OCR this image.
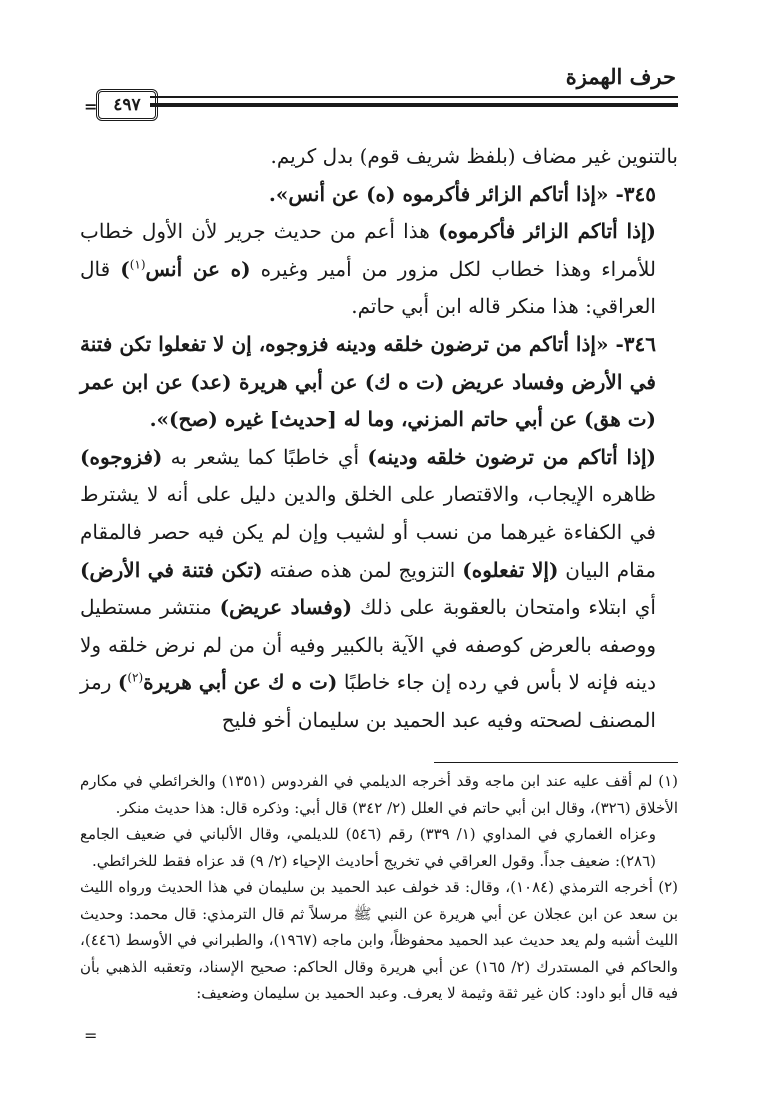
حرف الهمزة
= ٤٩٧

بالتنوين غير مضاف (بلفظ شريف قوم) بدل كريم.

٣٤٥- «إذا أتاكم الزائر فأكرموه (ه) عن أنس».

(إذا أتاكم الزائر فأكرموه) هذا أعم من حديث جرير لأن الأول خطاب للأمراء وهذا خطاب لكل مزور من أمير وغيره (ه عن أنس$^{(١)}$) قال العراقي: هذا منكر قاله ابن أبي حاتم.

٣٤٦- «إذا أتاكم من ترضون خلقه ودينه فزوجوه، إن لا تفعلوا تكن فتنة في الأرض وفساد عريض (ت ه ك) عن أبي هريرة (عد) عن ابن عمر (ت هق) عن أبي حاتم المزني، وما له [حديث] غيره (صح)».

(إذا أتاكم من ترضون خلقه ودينه) أي خاطبًا كما يشعر به (فزوجوه) ظاهره الإيجاب، والاقتصار على الخلق والدين دليل على أنه لا يشترط في الكفاءة غيرهما من نسب أو لشيب وإن لم يكن فيه حصر فالمقام مقام البيان (إلا تفعلوه) التزويج لمن هذه صفته (تكن فتنة في الأرض) أي ابتلاء وامتحان بالعقوبة على ذلك (وفساد عريض) منتشر مستطيل ووصفه بالعرض كوصفه في الآية بالكبير وفيه أن من لم نرض خلقه ولا دينه فإنه لا بأس في رده إن جاء خاطبًا (ت ه ك عن أبي هريرة$^{(٢)}$) رمز المصنف لصحته وفيه عبد الحميد بن سليمان أخو فليح

(١) لم أقف عليه عند ابن ماجه وقد أخرجه الديلمي في الفردوس (١٣٥١) والخرائطي في مكارم الأخلاق (٣٢٦)، وقال ابن أبي حاتم في العلل (٢/ ٣٤٢) قال أبي: وذكره قال: هذا حديث منكر.

وعزاه الغماري في المداوي (١/ ٣٣٩) رقم (٥٤٦) للديلمي، وقال الألباني في ضعيف الجامع (٢٨٦): ضعيف جداً. وقول العراقي في تخريج أحاديث الإحياء (٢/ ٩) قد عزاه فقط للخرائطي.

(٢) أخرجه الترمذي (١٠٨٤)، وقال: قد خولف عبد الحميد بن سليمان في هذا الحديث ورواه الليث بن سعد عن ابن عجلان عن أبي هريرة عن النبي ﷺ مرسلاً ثم قال الترمذي: قال محمد: وحديث الليث أشبه ولم يعد حديث عبد الحميد محفوظاً، وابن ماجه (١٩٦٧)، والطبراني في الأوسط (٤٤٦)، والحاكم في المستدرك (٢/ ١٦٥) عن أبي هريرة وقال الحاكم: صحيح الإسناد، وتعقبه الذهبي بأن فيه قال أبو داود: كان غير ثقة وثيمة لا يعرف. وعبد الحميد بن سليمان وضعيف:

=
